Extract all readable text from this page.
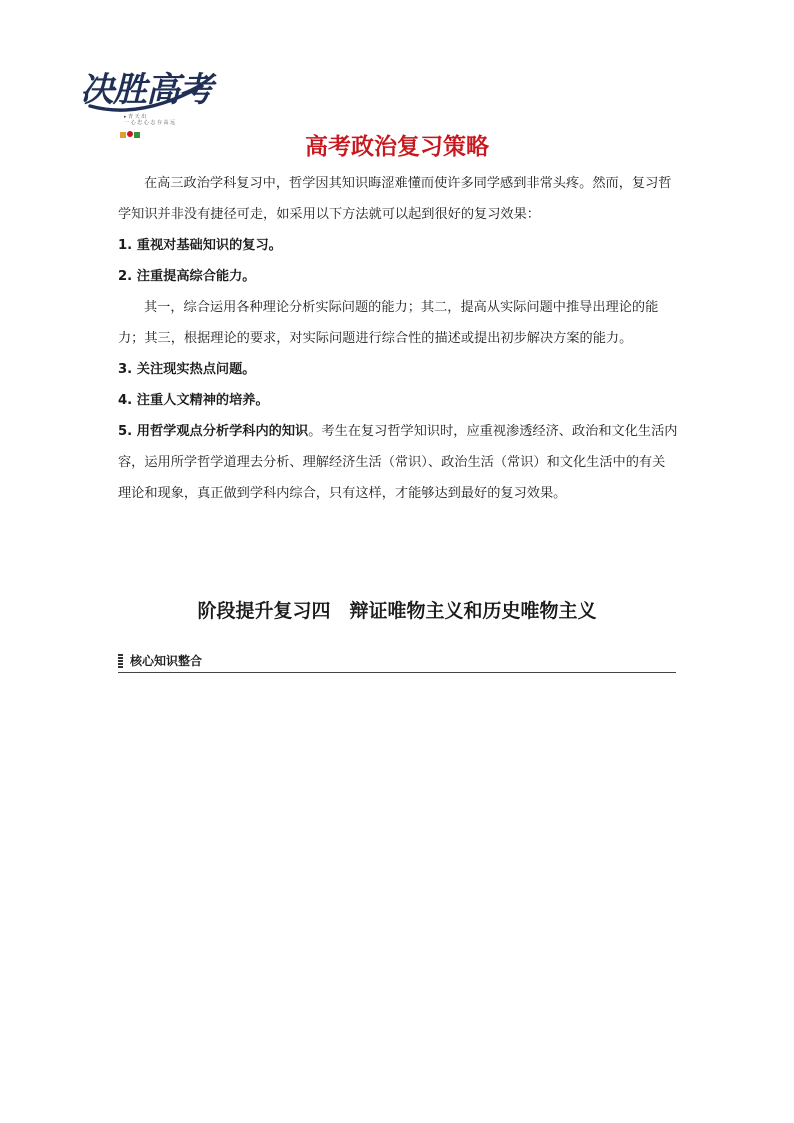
决胜高考
▸ 青 天 出
一 心 忠 心 志 存 高 远
高考政治复习策略

在高三政治学科复习中，哲学因其知识晦涩难懂而使许多同学感到非常头疼。然而，复习哲学知识并非没有捷径可走，如采用以下方法就可以起到很好的复习效果：

1. 重视对基础知识的复习。

2. 注重提高综合能力。

其一，综合运用各种理论分析实际问题的能力；其二，提高从实际问题中推导出理论的能力；其三，根据理论的要求，对实际问题进行综合性的描述或提出初步解决方案的能力。

3. 关注现实热点问题。

4. 注重人文精神的培养。

5. 用哲学观点分析学科内的知识。考生在复习哲学知识时，应重视渗透经济、政治和文化生活内容，运用所学哲学道理去分析、理解经济生活（常识）、政治生活（常识）和文化生活中的有关理论和现象，真正做到学科内综合，只有这样，才能够达到最好的复习效果。

阶段提升复习四　辩证唯物主义和历史唯物主义
核心知识整合
